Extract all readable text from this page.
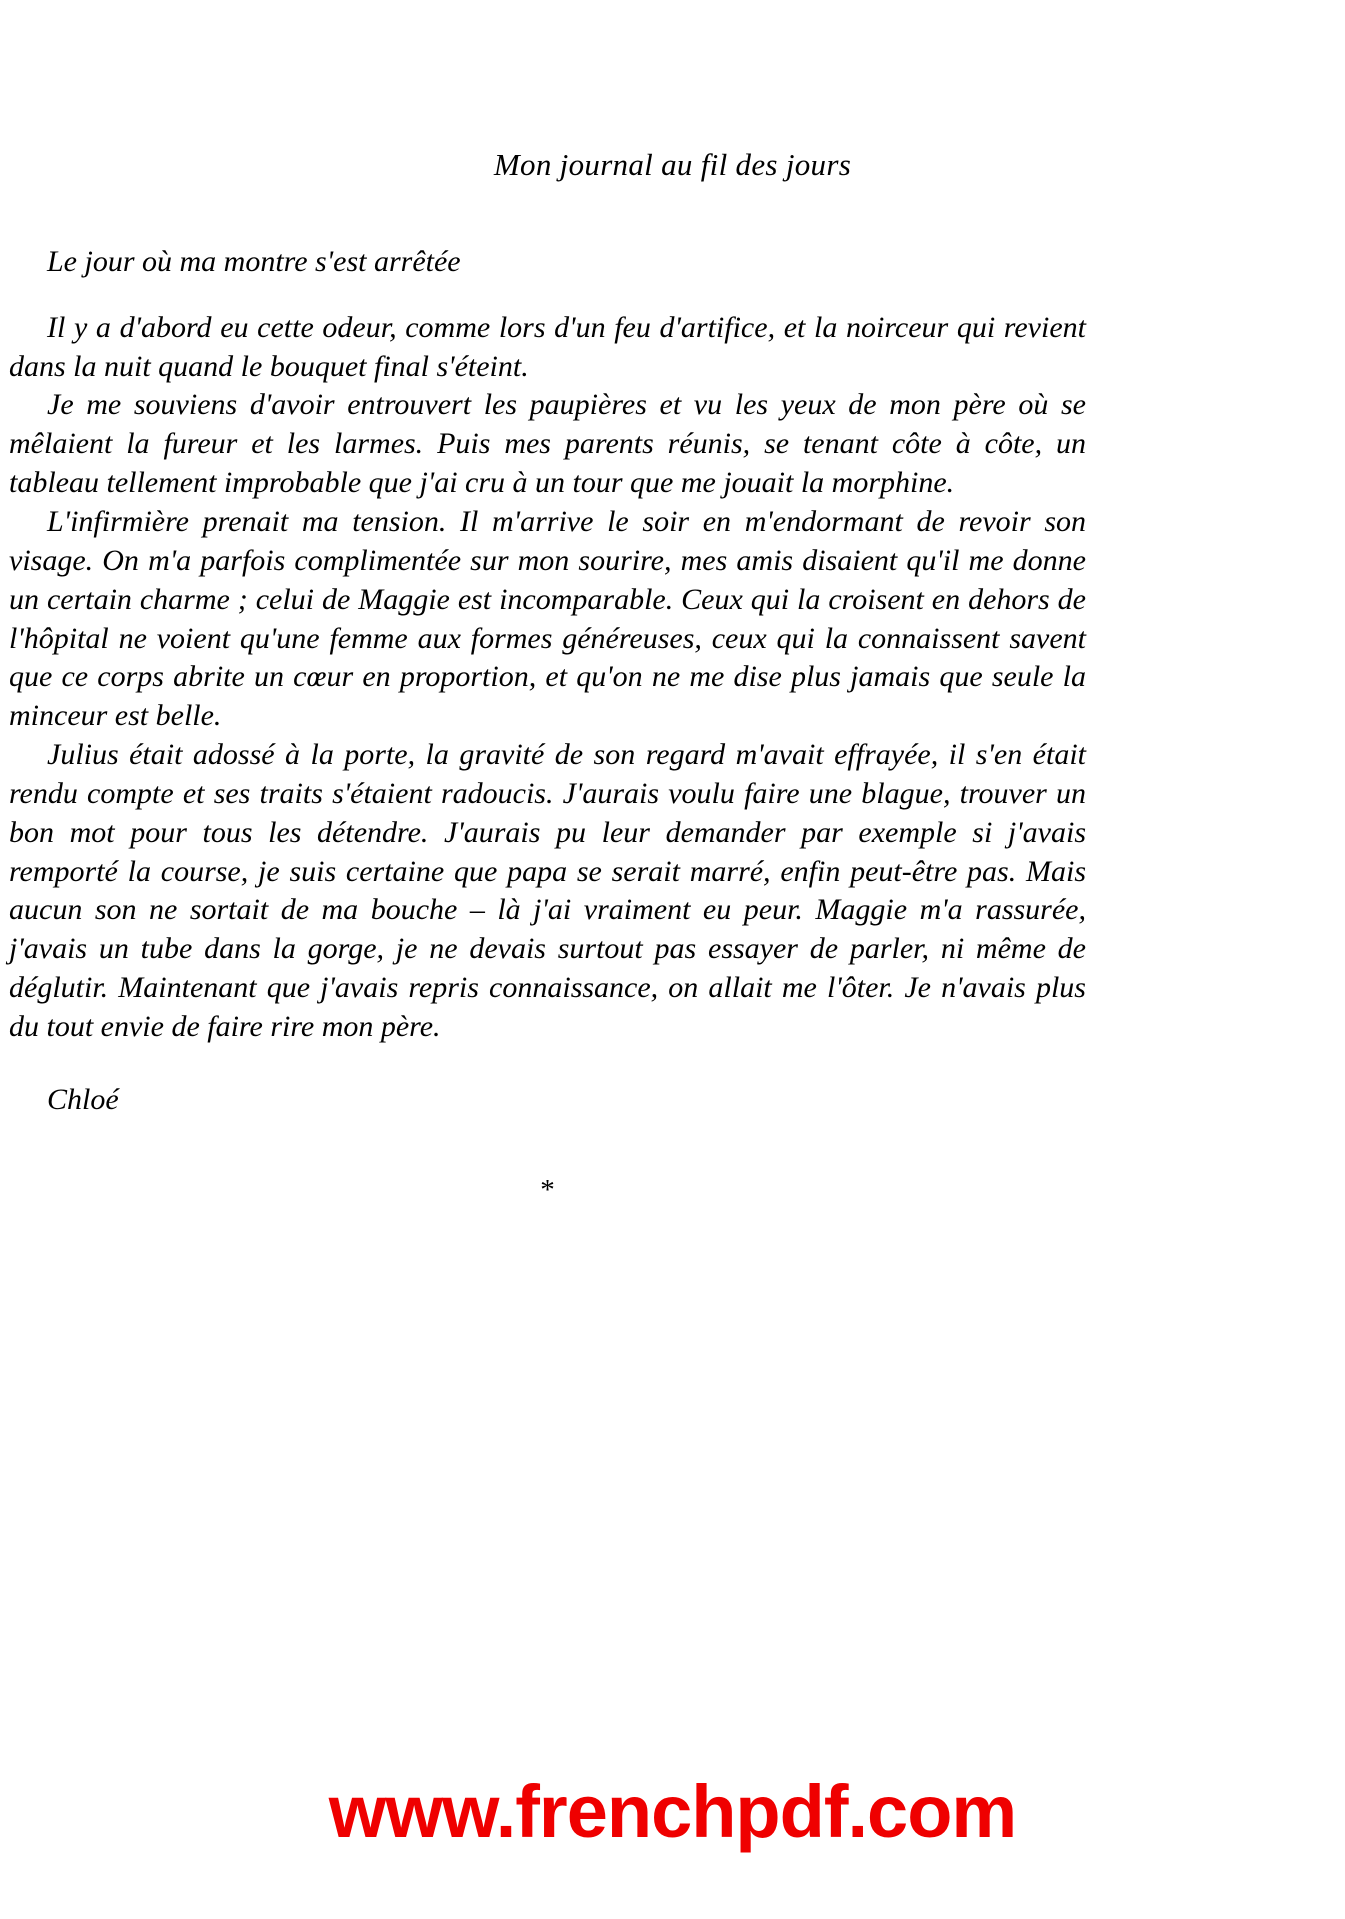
Mon journal au fil des jours

Le jour où ma montre s'est arrêtée

Il y a d'abord eu cette odeur, comme lors d'un feu d'artifice, et la noirceur qui revient dans la nuit quand le bouquet final s'éteint.

Je me souviens d'avoir entrouvert les paupières et vu les yeux de mon père où se mêlaient la fureur et les larmes. Puis mes parents réunis, se tenant côte à côte, un tableau tellement improbable que j'ai cru à un tour que me jouait la morphine.

L'infirmière prenait ma tension. Il m'arrive le soir en m'endormant de revoir son visage. On m'a parfois complimentée sur mon sourire, mes amis disaient qu'il me donne un certain charme ; celui de Maggie est incomparable. Ceux qui la croisent en dehors de l'hôpital ne voient qu'une femme aux formes généreuses, ceux qui la connaissent savent que ce corps abrite un cœur en proportion, et qu'on ne me dise plus jamais que seule la minceur est belle.

Julius était adossé à la porte, la gravité de son regard m'avait effrayée, il s'en était rendu compte et ses traits s'étaient radoucis. J'aurais voulu faire une blague, trouver un bon mot pour tous les détendre. J'aurais pu leur demander par exemple si j'avais remporté la course, je suis certaine que papa se serait marré, enfin peut-être pas. Mais aucun son ne sortait de ma bouche – là j'ai vraiment eu peur. Maggie m'a rassurée, j'avais un tube dans la gorge, je ne devais surtout pas essayer de parler, ni même de déglutir. Maintenant que j'avais repris connaissance, on allait me l'ôter. Je n'avais plus du tout envie de faire rire mon père.

Chloé

*

www.frenchpdf.com
